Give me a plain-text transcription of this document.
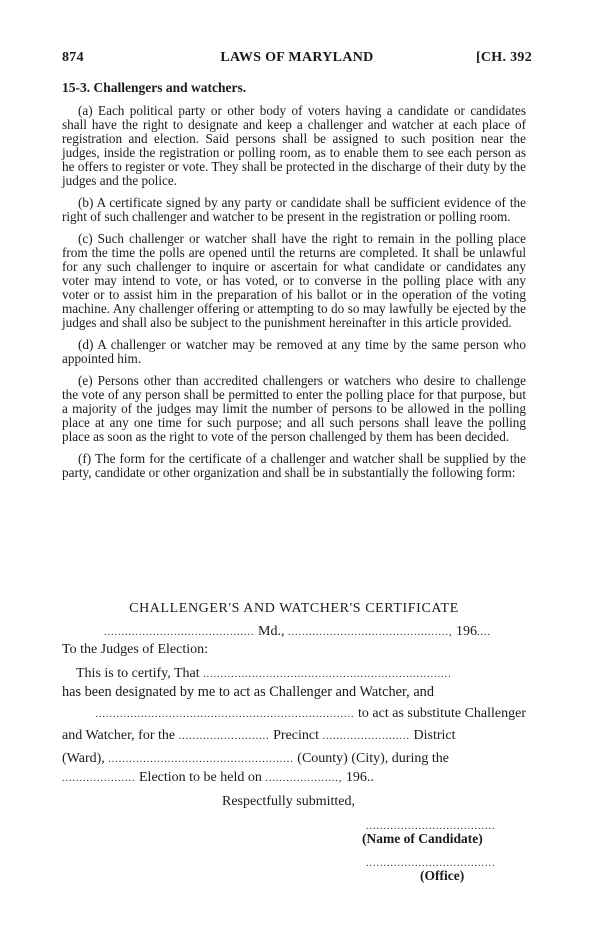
874	LAWS OF MARYLAND	[CH. 392
15-3. Challengers and watchers.

(a) Each political party or other body of voters having a candidate or candidates shall have the right to designate and keep a challenger and watcher at each place of registration and election. Said persons shall be assigned to such position near the judges, inside the registration or polling room, as to enable them to see each person as he offers to register or vote. They shall be protected in the discharge of their duty by the judges and the police.

(b) A certificate signed by any party or candidate shall be sufficient evidence of the right of such challenger and watcher to be present in the registration or polling room.

(c) Such challenger or watcher shall have the right to remain in the polling place from the time the polls are opened until the returns are completed. It shall be unlawful for any such challenger to inquire or ascertain for what candidate or candidates any voter may intend to vote, or has voted, or to converse in the polling place with any voter or to assist him in the preparation of his ballot or in the operation of the voting machine. Any challenger offering or attempting to do so may lawfully be ejected by the judges and shall also be subject to the punishment hereinafter in this article provided.

(d) A challenger or watcher may be removed at any time by the same person who appointed him.

(e) Persons other than accredited challengers or watchers who desire to challenge the vote of any person shall be permitted to enter the polling place for that purpose, but a majority of the judges may limit the number of persons to be allowed in the polling place at any one time for such purpose; and all such persons shall leave the polling place as soon as the right to vote of the person challenged by them has been decided.

(f) The form for the certificate of a challenger and watcher shall be supplied by the party, candidate or other organization and shall be in substantially the following form:

CHALLENGER'S AND WATCHER'S CERTIFICATE
........................................... Md., .............................................., 196....
To the Judges of Election:
This is to certify, That .......................................................................
has been designated by me to act as Challenger and Watcher, and
.......................................................................... to act as substitute Challenger
and Watcher, for the .......................... Precinct ......................... District
(Ward), ..................................................... (County) (City), during the
..................... Election to be held on ....................., 196..
Respectfully submitted,
.....................................
(Name of Candidate)
.....................................
(Office)
